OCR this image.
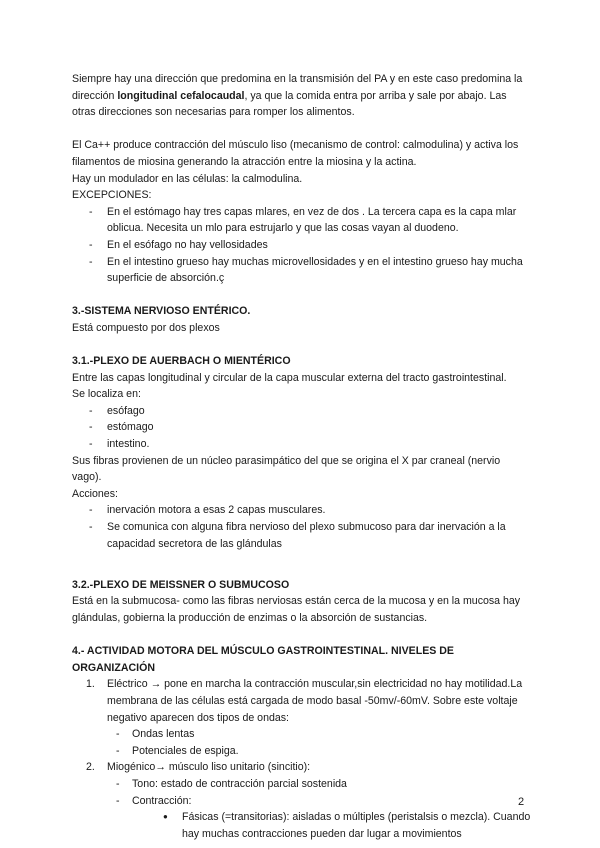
Siempre hay una dirección que predomina en la transmisión del PA y en este caso predomina la dirección longitudinal cefalocaudal, ya que la comida entra por arriba y sale por abajo. Las otras direcciones son necesarias para romper los alimentos.

El Ca++ produce contracción del músculo liso (mecanismo de control: calmodulina) y activa los filamentos de miosina generando la atracción entre la miosina y la actina.

Hay un modulador en las células: la calmodulina.

EXCEPCIONES:

- En el estómago hay tres capas mlares, en vez de dos . La tercera capa es la capa mlar oblicua. Necesita un mlo para estrujarlo y que las cosas vayan al duodeno.
- En el esófago no hay vellosidades
- En el intestino grueso hay muchas microvellosidades y en el intestino grueso hay mucha superficie de absorción.ç
3.-SISTEMA NERVIOSO ENTÉRICO.

Está compuesto por dos plexos

3.1.-PLEXO DE AUERBACH O MIENTÉRICO

Entre las capas longitudinal y circular de la capa muscular externa del tracto gastrointestinal.

Se localiza en:

- esófago
- estómago
- intestino.

Sus fibras provienen de un núcleo parasimpático del que se origina el X par craneal (nervio vago).

Acciones:

- inervación motora a esas 2 capas musculares.
- Se comunica con alguna fibra nervioso del plexo submucoso para dar inervación a la capacidad secretora de las glándulas
3.2.-PLEXO DE MEISSNER O SUBMUCOSO

Está en la submucosa- como las fibras nerviosas están cerca de la mucosa y en la mucosa hay glándulas, gobierna la producción de enzimas o la absorción de sustancias.

4.- ACTIVIDAD MOTORA DEL MÚSCULO GASTROINTESTINAL. NIVELES DE ORGANIZACIÓN
1. Eléctrico → pone en marcha la contracción muscular,sin electricidad no hay motilidad.La membrana de las células está cargada de modo basal -50mv/-60mV. Sobre este voltaje negativo aparecen dos tipos de ondas:
- Ondas lentas
- Potenciales de espiga.
2. Miogénico→ músculo liso unitario (sincitio):
- Tono: estado de contracción parcial sostenida
- Contracción:
● Fásicas (=transitorias): aisladas o múltiples (peristalsis o mezcla). Cuando hay muchas contracciones pueden dar lugar a movimientos
2
